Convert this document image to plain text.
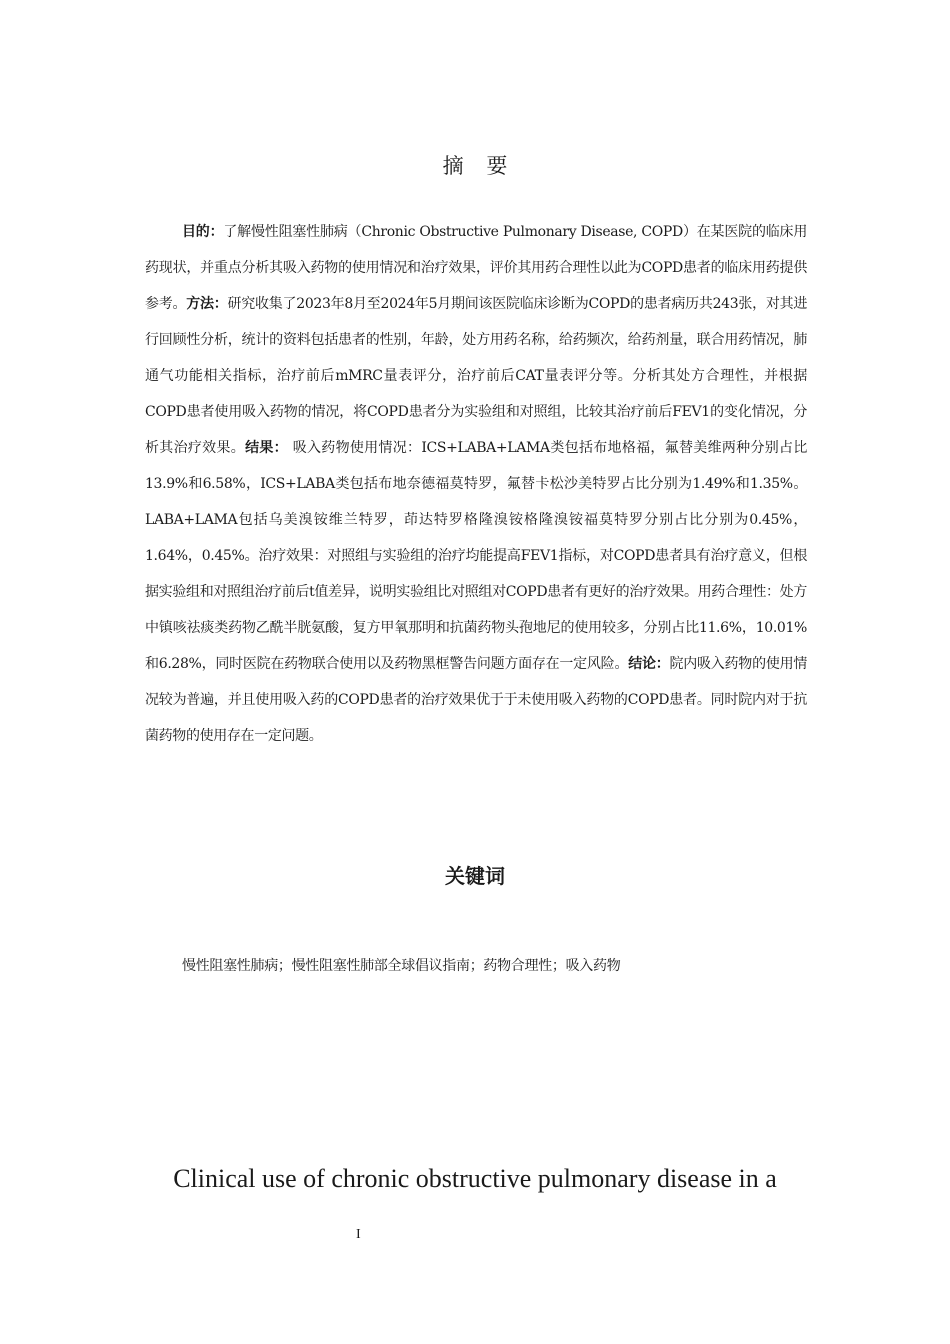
摘 要

目的：了解慢性阻塞性肺病（Chronic Obstructive Pulmonary Disease, COPD）在某医院的临床用药现状，并重点分析其吸入药物的使用情况和治疗效果，评价其用药合理性以此为COPD患者的临床用药提供参考。方法：研究收集了2023年8月至2024年5月期间该医院临床诊断为COPD的患者病历共243张，对其进行回顾性分析，统计的资料包括患者的性别，年龄，处方用药名称，给药频次，给药剂量，联合用药情况，肺通气功能相关指标，治疗前后mMRC量表评分，治疗前后CAT量表评分等。分析其处方合理性，并根据COPD患者使用吸入药物的情况，将COPD患者分为实验组和对照组，比较其治疗前后FEV1的变化情况，分析其治疗效果。结果： 吸入药物使用情况：ICS+LABA+LAMA类包括布地格福，氟替美维两种分别占比13.9%和6.58%，ICS+LABA类包括布地奈德福莫特罗，氟替卡松沙美特罗占比分别为1.49%和1.35%。LABA+LAMA包括乌美溴铵维兰特罗，茚达特罗格隆溴铵格隆溴铵福莫特罗分别占比分别为0.45%，1.64%，0.45%。治疗效果：对照组与实验组的治疗均能提高FEV1指标，对COPD患者具有治疗意义，但根据实验组和对照组治疗前后t值差异，说明实验组比对照组对COPD患者有更好的治疗效果。用药合理性：处方中镇咳祛痰类药物乙酰半胱氨酸，复方甲氧那明和抗菌药物头孢地尼的使用较多，分别占比11.6%，10.01%和6.28%，同时医院在药物联合使用以及药物黑框警告问题方面存在一定风险。结论：院内吸入药物的使用情况较为普遍，并且使用吸入药的COPD患者的治疗效果优于于未使用吸入药物的COPD患者。同时院内对于抗菌药物的使用存在一定问题。

关键词
慢性阻塞性肺病；慢性阻塞性肺部全球倡议指南；药物合理性；吸入药物
Clinical use of chronic obstructive pulmonary disease in a
I
